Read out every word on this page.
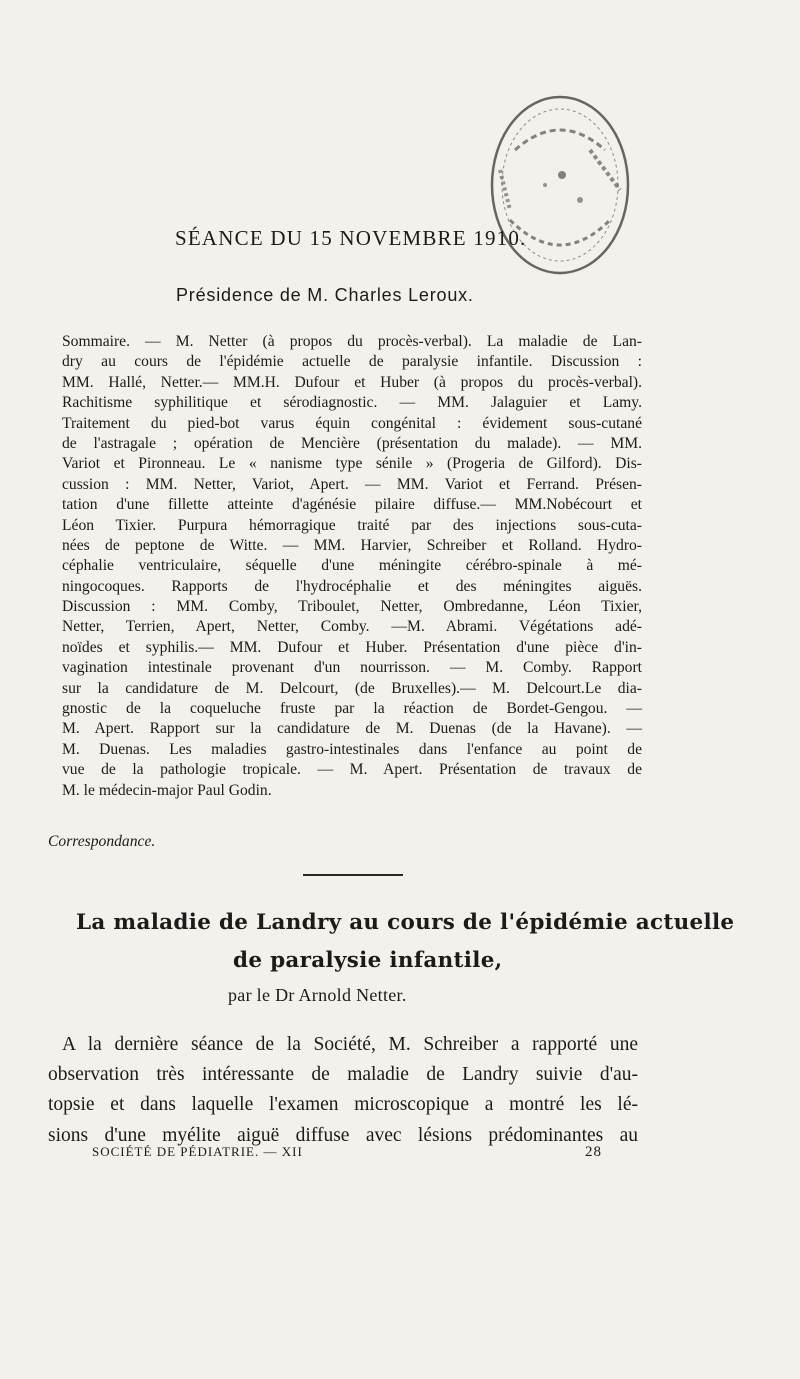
SÉANCE DU 15 NOVEMBRE 1910.
Présidence de M. Charles Leroux.
Sommaire. — M. Netter (à propos du procès-verbal). La maladie de Lan-
dry au cours de l'épidémie actuelle de paralysie infantile. Discussion :
MM. Hallé, Netter.— MM.H. Dufour et Huber (à propos du procès-verbal).
Rachitisme syphilitique et sérodiagnostic. — MM. Jalaguier et Lamy.
Traitement du pied-bot varus équin congénital : évidement sous-cutané
de l'astragale ; opération de Mencière (présentation du malade). — MM.
Variot et Pironneau. Le « nanisme type sénile » (Progeria de Gilford). Dis-
cussion : MM. Netter, Variot, Apert. — MM. Variot et Ferrand. Présen-
tation d'une fillette atteinte d'agénésie pilaire diffuse.— MM.Nobécourt et
Léon Tixier. Purpura hémorragique traité par des injections sous-cuta-
nées de peptone de Witte. — MM. Harvier, Schreiber et Rolland. Hydro-
céphalie ventriculaire, séquelle d'une méningite cérébro-spinale à mé-
ningocoques. Rapports de l'hydrocéphalie et des méningites aiguës.
Discussion : MM. Comby, Triboulet, Netter, Ombredanne, Léon Tixier,
Netter, Terrien, Apert, Netter, Comby. —M. Abrami. Végétations adé-
noïdes et syphilis.— MM. Dufour et Huber. Présentation d'une pièce d'in-
vagination intestinale provenant d'un nourrisson. — M. Comby. Rapport
sur la candidature de M. Delcourt, (de Bruxelles).— M. Delcourt.Le dia-
gnostic de la coqueluche fruste par la réaction de Bordet-Gengou. —
M. Apert. Rapport sur la candidature de M. Duenas (de la Havane). —
M. Duenas. Les maladies gastro-intestinales dans l'enfance au point de
vue de la pathologie tropicale. — M. Apert. Présentation de travaux de
M. le médecin-major Paul Godin.
Correspondance.
La maladie de Landry au cours de l'épidémie actuelle
de paralysie infantile,
par le Dr Arnold Netter.
A la dernière séance de la Société, M. Schreiber a rapporté une
observation très intéressante de maladie de Landry suivie d'au-
topsie et dans laquelle l'examen microscopique a montré les lé-
sions d'une myélite aiguë diffuse avec lésions prédominantes au
SOCIÉTÉ DE PÉDIATRIE. — XII	28
